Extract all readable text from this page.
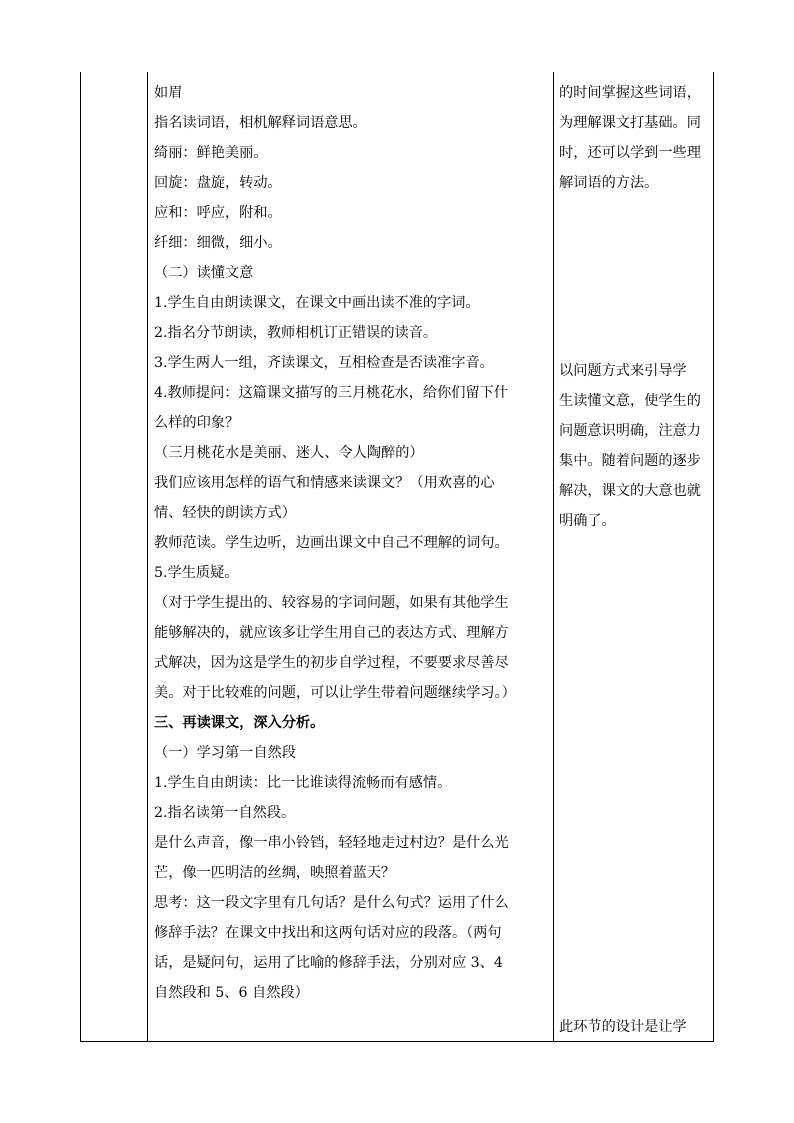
如眉
指名读词语，相机解释词语意思。
绮丽：鲜艳美丽。
回旋：盘旋，转动。
应和：呼应，附和。
纤细：细微，细小。
（二）读懂文意
1.学生自由朗读课文，在课文中画出读不准的字词。
2.指名分节朗读，教师相机订正错误的读音。
3.学生两人一组，齐读课文，互相检查是否读准字音。
4.教师提问：这篇课文描写的三月桃花水，给你们留下什
么样的印象？
（三月桃花水是美丽、迷人、令人陶醉的）
我们应该用怎样的语气和情感来读课文？（用欢喜的心
情、轻快的朗读方式）
教师范读。学生边听，边画出课文中自己不理解的词句。
5.学生质疑。
（对于学生提出的、较容易的字词问题，如果有其他学生
能够解决的，就应该多让学生用自己的表达方式、理解方
式解决，因为这是学生的初步自学过程，不要要求尽善尽
美。对于比较难的问题，可以让学生带着问题继续学习。）
三、再读课文，深入分析。
（一）学习第一自然段
1.学生自由朗读：比一比谁读得流畅而有感情。
2.指名读第一自然段。
是什么声音，像一串小铃铛，轻轻地走过村边？是什么光
芒，像一匹明洁的丝绸，映照着蓝天？
思考：这一段文字里有几句话？是什么句式？运用了什么
修辞手法？在课文中找出和这两句话对应的段落。（两句
话，是疑问句，运用了比喻的修辞手法，分别对应 3、4
自然段和 5、6 自然段）
的时间掌握这些词语，
为理解课文打基础。同
时，还可以学到一些理
解词语的方法。
以问题方式来引导学
生读懂文意，使学生的
问题意识明确，注意力
集中。随着问题的逐步
解决，课文的大意也就
明确了。
此环节的设计是让学
